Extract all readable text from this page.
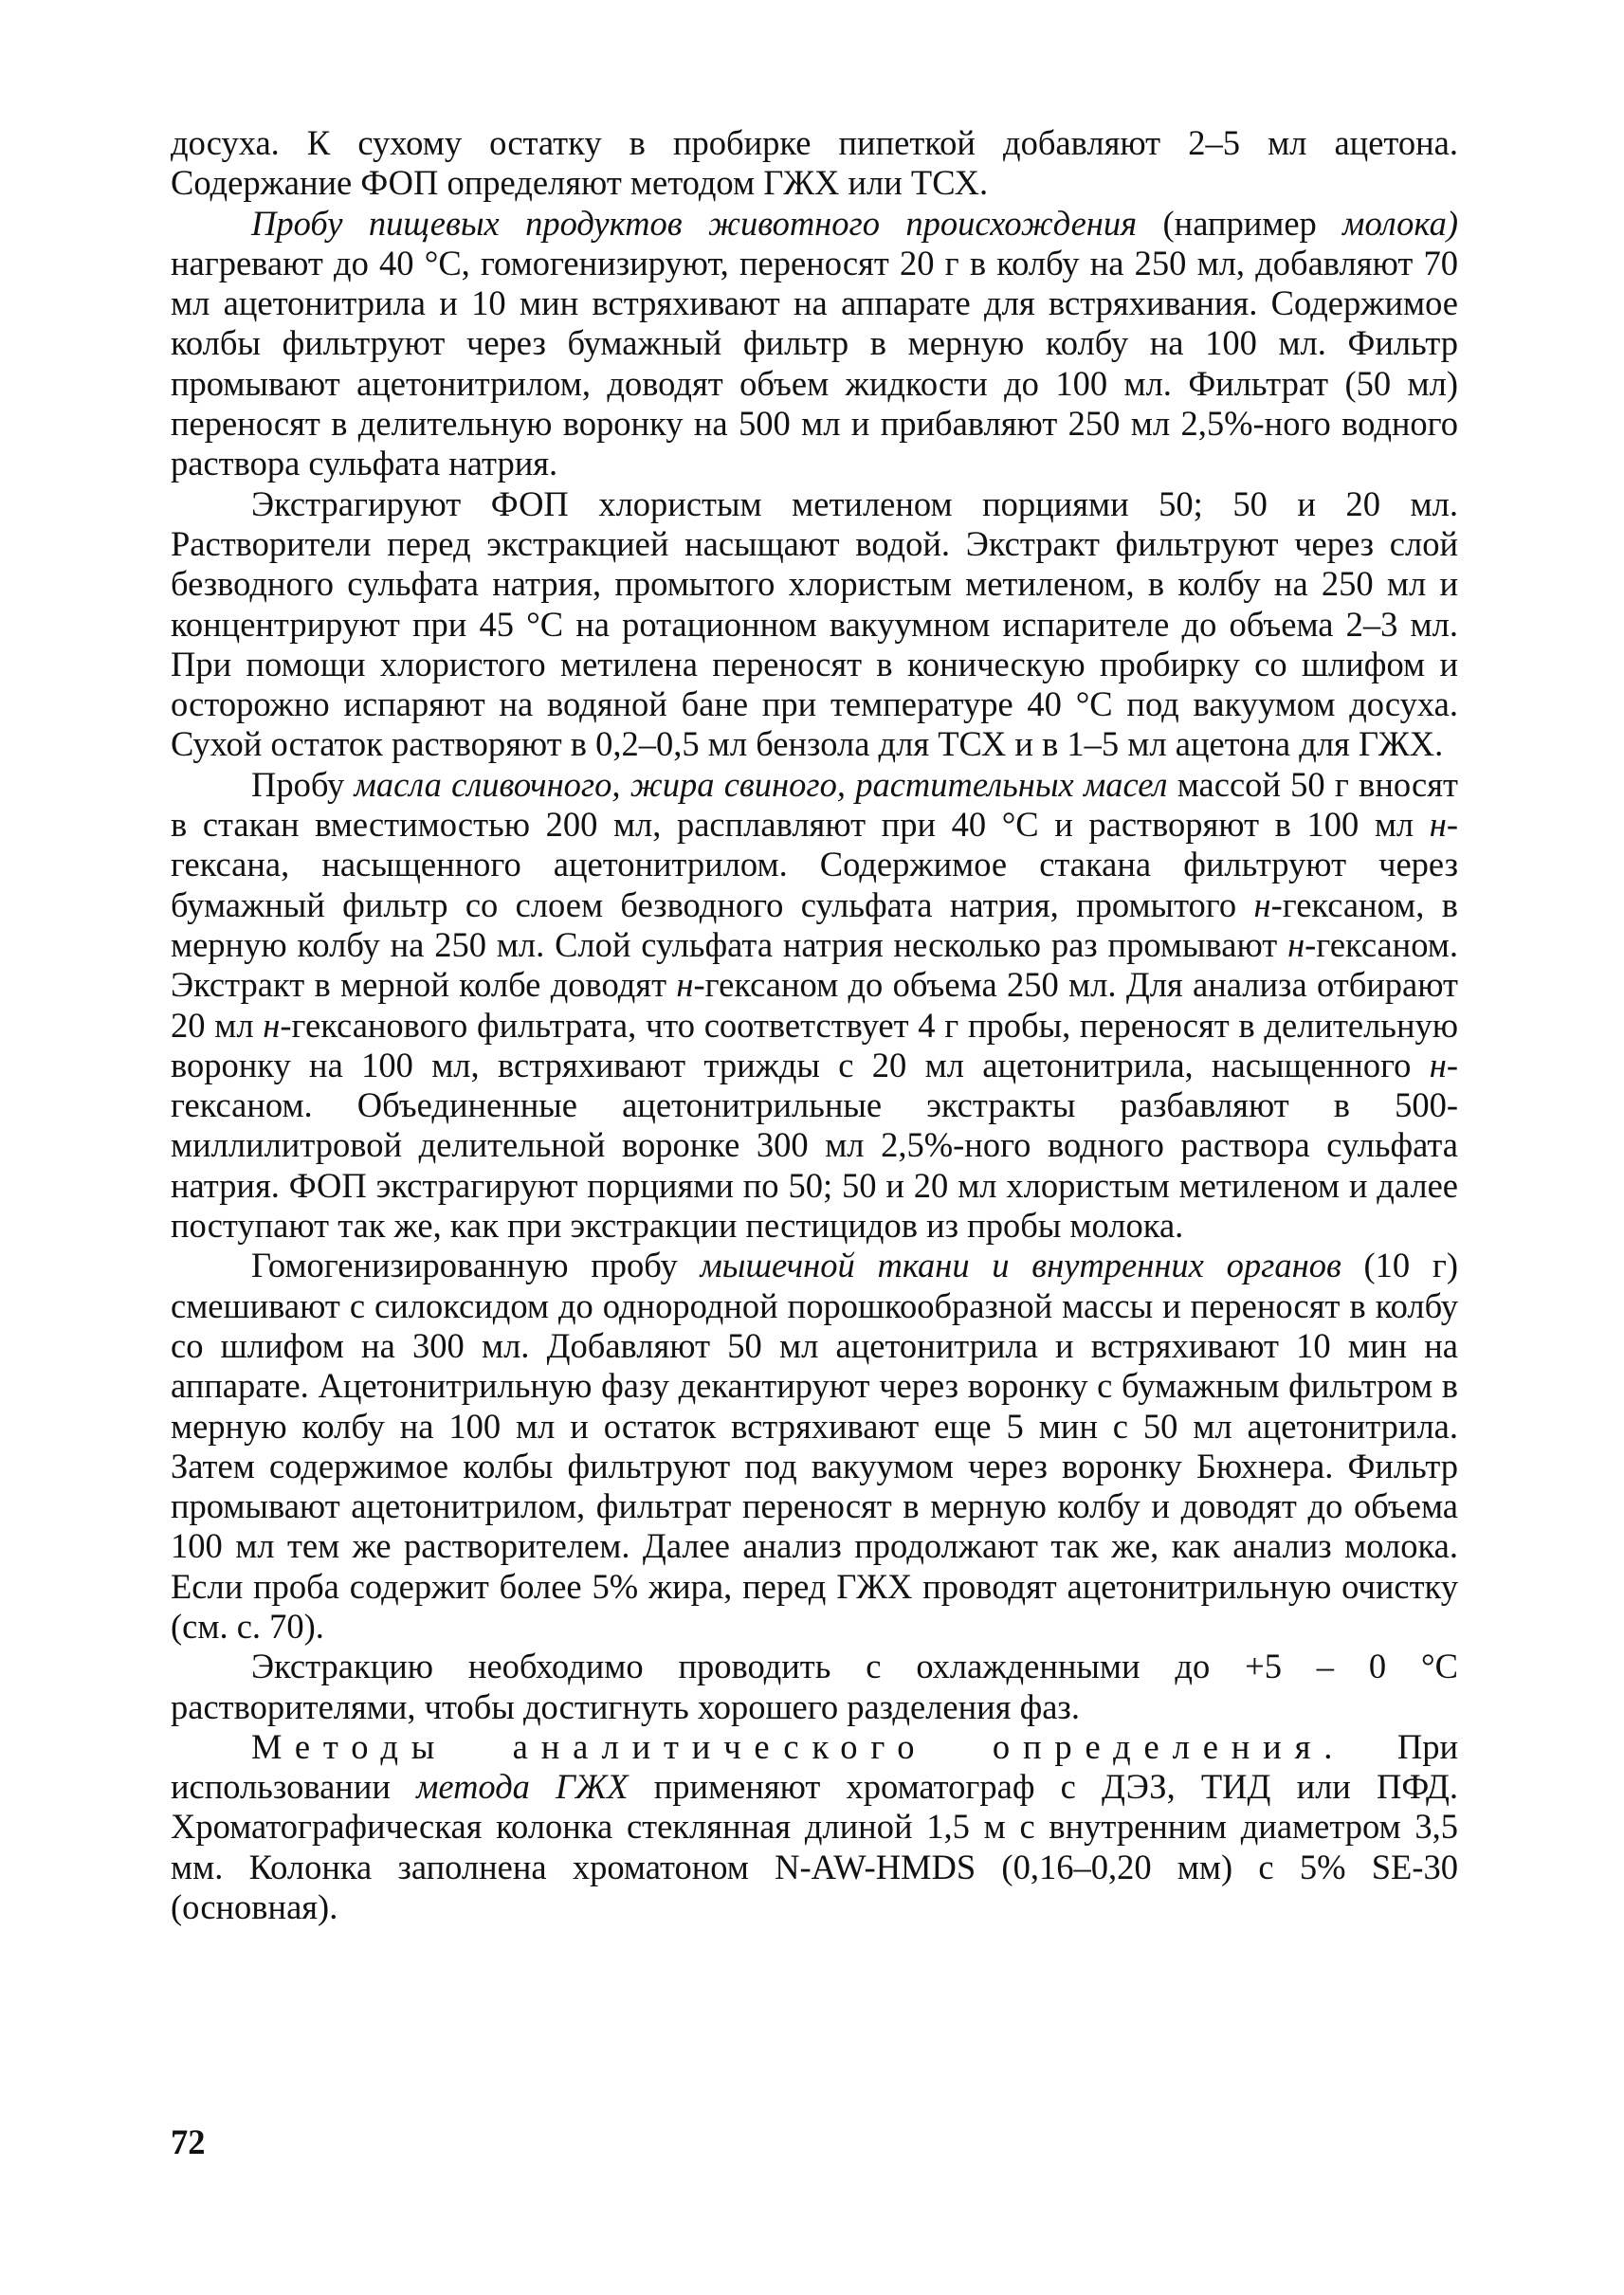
досуха. К сухому остатку в пробирке пипеткой добавляют 2–5 мл ацетона. Содержание ФОП определяют методом ГЖХ или ТСХ.

Пробу пищевых продуктов животного происхождения (например молока) нагревают до 40 °С, гомогенизируют, переносят 20 г в колбу на 250 мл, добавляют 70 мл ацетонитрила и 10 мин встряхивают на аппарате для встряхивания. Содержимое колбы фильтруют через бумажный фильтр в мерную колбу на 100 мл. Фильтр промывают ацетонитрилом, доводят объем жидкости до 100 мл. Фильтрат (50 мл) переносят в делительную воронку на 500 мл и прибавляют 250 мл 2,5%-ного водного раствора сульфата натрия.

Экстрагируют ФОП хлористым метиленом порциями 50; 50 и 20 мл. Растворители перед экстракцией насыщают водой. Экстракт фильтруют через слой безводного сульфата натрия, промытого хлористым метиленом, в колбу на 250 мл и концентрируют при 45 °С на ротационном вакуумном испарителе до объема 2–3 мл. При помощи хлористого метилена переносят в коническую пробирку со шлифом и осторожно испаряют на водяной бане при температуре 40 °С под вакуумом досуха. Сухой остаток растворяют в 0,2–0,5 мл бензола для ТСХ и в 1–5 мл ацетона для ГЖХ.

Пробу масла сливочного, жира свиного, растительных масел массой 50 г вносят в стакан вместимостью 200 мл, расплавляют при 40 °С и растворяют в 100 мл н-гексана, насыщенного ацетонитрилом. Содержимое стакана фильтруют через бумажный фильтр со слоем безводного сульфата натрия, промытого н-гексаном, в мерную колбу на 250 мл. Слой сульфата натрия несколько раз промывают н-гексаном. Экстракт в мерной колбе доводят н-гексаном до объема 250 мл. Для анализа отбирают 20 мл н-гексанового фильтрата, что соответствует 4 г пробы, переносят в делительную воронку на 100 мл, встряхивают трижды с 20 мл ацетонитрила, насыщенного н-гексаном. Объединенные ацетонитрильные экстракты разбавляют в 500-миллилитровой делительной воронке 300 мл 2,5%-ного водного раствора сульфата натрия. ФОП экстрагируют порциями по 50; 50 и 20 мл хлористым метиленом и далее поступают так же, как при экстракции пестицидов из пробы молока.

Гомогенизированную пробу мышечной ткани и внутренних органов (10 г) смешивают с силоксидом до однородной порошкообразной массы и переносят в колбу со шлифом на 300 мл. Добавляют 50 мл ацетонитрила и встряхивают 10 мин на аппарате. Ацетонитрильную фазу декантируют через воронку с бумажным фильтром в мерную колбу на 100 мл и остаток встряхивают еще 5 мин с 50 мл ацетонитрила. Затем содержимое колбы фильтруют под вакуумом через воронку Бюхнера. Фильтр промывают ацетонитрилом, фильтрат переносят в мерную колбу и доводят до объема 100 мл тем же растворителем. Далее анализ продолжают так же, как анализ молока. Если проба содержит более 5% жира, перед ГЖХ проводят ацетонитрильную очистку (см. с. 70).

Экстракцию необходимо проводить с охлажденными до +5 – 0 °С растворителями, чтобы достигнуть хорошего разделения фаз.

Методы аналитического определения. При использовании метода ГЖХ применяют хроматограф с ДЭЗ, ТИД или ПФД. Хроматографическая колонка стеклянная длиной 1,5 м с внутренним диаметром 3,5 мм. Колонка заполнена хроматоном N-AW-HMDS (0,16–0,20 мм) с 5% SE-30 (основная).

72
